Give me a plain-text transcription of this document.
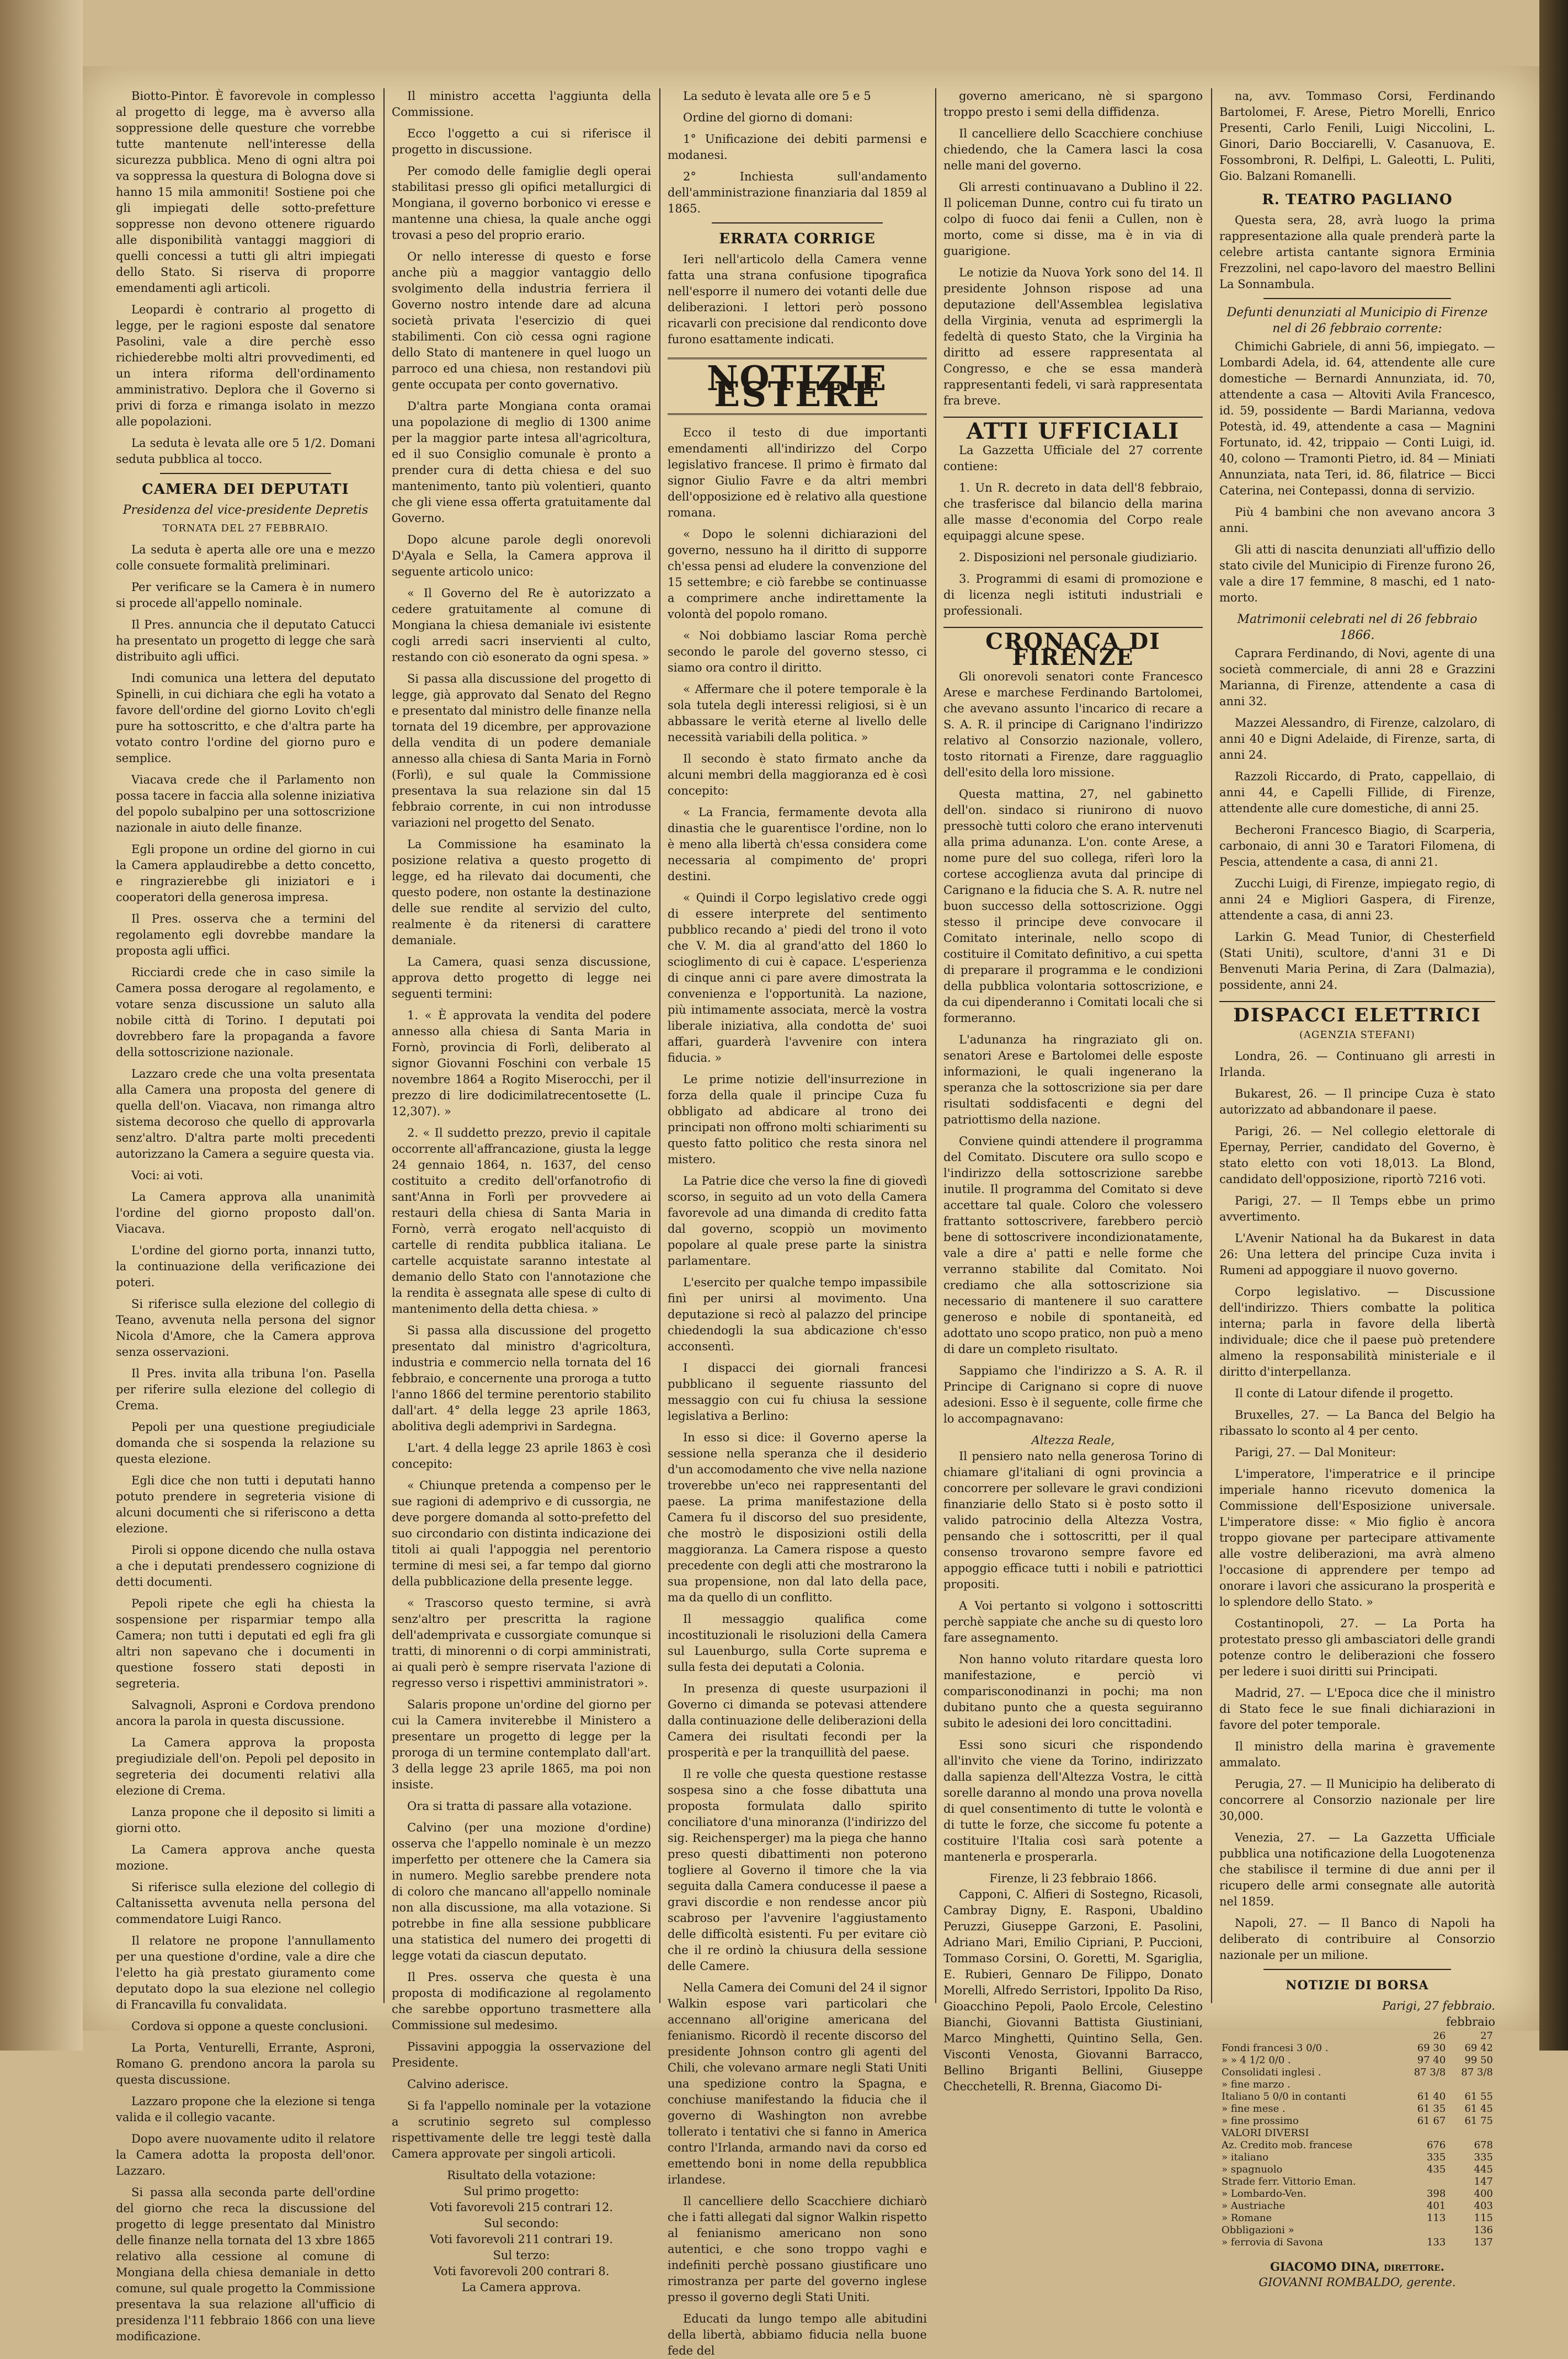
Biotto-Pintor. È favorevole in complesso al progetto di legge, ma è avverso alla soppressione delle questure che vorrebbe tutte mantenute nell'interesse della sicurezza pubblica. Meno di ogni altra poi va soppressa la questura di Bologna dove si hanno 15 mila ammoniti! Sostiene poi che gli impiegati delle sotto-prefetture soppresse non devono ottenere riguardo alle disponibilità vantaggi maggiori di quelli concessi a tutti gli altri impiegati dello Stato. Si riserva di proporre emendamenti agli articoli.

Leopardi è contrario al progetto di legge, per le ragioni esposte dal senatore Pasolini, vale a dire perchè esso richiederebbe molti altri provvedimenti, ed un intera riforma dell'ordinamento amministrativo. Deplora che il Governo si privi di forza e rimanga isolato in mezzo alle popolazioni.

La seduta è levata alle ore 5 1/2. Domani seduta pubblica al tocco.

CAMERA DEI DEPUTATI
Presidenza del vice-presidente Depretis
TORNATA DEL 27 FEBBRAIO.

La seduta è aperta alle ore una e mezzo colle consuete formalità preliminari.

Per verificare se la Camera è in numero si procede all'appello nominale.

Il Pres. annuncia che il deputato Catucci ha presentato un progetto di legge che sarà distribuito agli uffici.

Indi comunica una lettera del deputato Spinelli, in cui dichiara che egli ha votato a favore dell'ordine del giorno Lovito ch'egli pure ha sottoscritto, e che d'altra parte ha votato contro l'ordine del giorno puro e semplice.

Viacava crede che il Parlamento non possa tacere in faccia alla solenne iniziativa del popolo subalpino per una sottoscrizione nazionale in aiuto delle finanze.

Egli propone un ordine del giorno in cui la Camera applaudirebbe a detto concetto, e ringrazierebbe gli iniziatori e i cooperatori della generosa impresa.

Il Pres. osserva che a termini del regolamento egli dovrebbe mandare la proposta agli uffici.

Ricciardi crede che in caso simile la Camera possa derogare al regolamento, e votare senza discussione un saluto alla nobile città di Torino. I deputati poi dovrebbero fare la propaganda a favore della sottoscrizione nazionale.

Lazzaro crede che una volta presentata alla Camera una proposta del genere di quella dell'on. Viacava, non rimanga altro sistema decoroso che quello di approvarla senz'altro. D'altra parte molti precedenti autorizzano la Camera a seguire questa via.

Voci: ai voti.

La Camera approva alla unanimità l'ordine del giorno proposto dall'on. Viacava.

L'ordine del giorno porta, innanzi tutto, la continuazione della verificazione dei poteri.

Si riferisce sulla elezione del collegio di Teano, avvenuta nella persona del signor Nicola d'Amore, che la Camera approva senza osservazioni.

Il Pres. invita alla tribuna l'on. Pasella per riferire sulla elezione del collegio di Crema.

Pepoli per una questione pregiudiciale domanda che si sospenda la relazione su questa elezione.

Egli dice che non tutti i deputati hanno potuto prendere in segreteria visione di alcuni documenti che si riferiscono a detta elezione.

Piroli si oppone dicendo che nulla ostava a che i deputati prendessero cognizione di detti documenti.

Pepoli ripete che egli ha chiesta la sospensione per risparmiar tempo alla Camera; non tutti i deputati ed egli fra gli altri non sapevano che i documenti in questione fossero stati deposti in segreteria.

Salvagnoli, Asproni e Cordova prendono ancora la parola in questa discussione.

La Camera approva la proposta pregiudiziale dell'on. Pepoli pel deposito in segreteria dei documenti relativi alla elezione di Crema.

Lanza propone che il deposito si limiti a giorni otto.

La Camera approva anche questa mozione.

Si riferisce sulla elezione del collegio di Caltanissetta avvenuta nella persona del commendatore Luigi Ranco.

Il relatore ne propone l'annullamento per una questione d'ordine, vale a dire che l'eletto ha già prestato giuramento come deputato dopo la sua elezione nel collegio di Francavilla fu convalidata.

Cordova si oppone a queste conclusioni.

La Porta, Venturelli, Errante, Asproni, Romano G. prendono ancora la parola su questa discussione.

Lazzaro propone che la elezione si tenga valida e il collegio vacante.

Dopo avere nuovamente udito il relatore la Camera adotta la proposta dell'onor. Lazzaro.

Si passa alla seconda parte dell'ordine del giorno che reca la discussione del progetto di legge presentato dal Ministro delle finanze nella tornata del 13 xbre 1865 relativo alla cessione al comune di Mongiana della chiesa demaniale in detto comune, sul quale progetto la Commissione presentava la sua relazione all'ufficio di presidenza l'11 febbraio 1866 con una lieve modificazione.

Il ministro accetta l'aggiunta della Commissione.

Ecco l'oggetto a cui si riferisce il progetto in discussione.

Per comodo delle famiglie degli operai stabilitasi presso gli opifici metallurgici di Mongiana, il governo borbonico vi eresse e mantenne una chiesa, la quale anche oggi trovasi a peso del proprio erario.

Or nello interesse di questo e forse anche più a maggior vantaggio dello svolgimento della industria ferriera il Governo nostro intende dare ad alcuna società privata l'esercizio di quei stabilimenti. Con ciò cessa ogni ragione dello Stato di mantenere in quel luogo un parroco ed una chiesa, non restandovi più gente occupata per conto governativo.

D'altra parte Mongiana conta oramai una popolazione di meglio di 1300 anime per la maggior parte intesa all'agricoltura, ed il suo Consiglio comunale è pronto a prender cura di detta chiesa e del suo mantenimento, tanto più volentieri, quanto che gli viene essa offerta gratuitamente dal Governo.

Dopo alcune parole degli onorevoli D'Ayala e Sella, la Camera approva il seguente articolo unico:

« Il Governo del Re è autorizzato a cedere gratuitamente al comune di Mongiana la chiesa demaniale ivi esistente cogli arredi sacri inservienti al culto, restando con ciò esonerato da ogni spesa. »

Si passa alla discussione del progetto di legge, già approvato dal Senato del Regno e presentato dal ministro delle finanze nella tornata del 19 dicembre, per approvazione della vendita di un podere demaniale annesso alla chiesa di Santa Maria in Fornò (Forlì), e sul quale la Commissione presentava la sua relazione sin dal 15 febbraio corrente, in cui non introdusse variazioni nel progetto del Senato.

La Commissione ha esaminato la posizione relativa a questo progetto di legge, ed ha rilevato dai documenti, che questo podere, non ostante la destinazione delle sue rendite al servizio del culto, realmente è da ritenersi di carattere demaniale.

La Camera, quasi senza discussione, approva detto progetto di legge nei seguenti termini:

1. « È approvata la vendita del podere annesso alla chiesa di Santa Maria in Fornò, provincia di Forlì, deliberato al signor Giovanni Foschini con verbale 15 novembre 1864 a Rogito Miserocchi, per il prezzo di lire dodicimilatrecentosette (L. 12,307). »

2. « Il suddetto prezzo, previo il capitale occorrente all'affrancazione, giusta la legge 24 gennaio 1864, n. 1637, del censo costituito a credito dell'orfanotrofio di sant'Anna in Forlì per provvedere ai restauri della chiesa di Santa Maria in Fornò, verrà erogato nell'acquisto di cartelle di rendita pubblica italiana. Le cartelle acquistate saranno intestate al demanio dello Stato con l'annotazione che la rendita è assegnata alle spese di culto di mantenimento della detta chiesa. »

Si passa alla discussione del progetto presentato dal ministro d'agricoltura, industria e commercio nella tornata del 16 febbraio, e concernente una proroga a tutto l'anno 1866 del termine perentorio stabilito dall'art. 4° della legge 23 aprile 1863, abolitiva degli ademprivi in Sardegna.

L'art. 4 della legge 23 aprile 1863 è così concepito:

« Chiunque pretenda a compenso per le sue ragioni di ademprivo e di cussorgia, ne deve porgere domanda al sotto-prefetto del suo circondario con distinta indicazione dei titoli ai quali l'appoggia nel perentorio termine di mesi sei, a far tempo dal giorno della pubblicazione della presente legge.

« Trascorso questo termine, si avrà senz'altro per prescritta la ragione dell'ademprivata e cussorgiate comunque si tratti, di minorenni o di corpi amministrati, ai quali però è sempre riservata l'azione di regresso verso i rispettivi amministratori ».

Salaris propone un'ordine del giorno per cui la Camera inviterebbe il Ministero a presentare un progetto di legge per la proroga di un termine contemplato dall'art. 3 della legge 23 aprile 1865, ma poi non insiste.

Ora si tratta di passare alla votazione.

Calvino (per una mozione d'ordine) osserva che l'appello nominale è un mezzo imperfetto per ottenere che la Camera sia in numero. Meglio sarebbe prendere nota di coloro che mancano all'appello nominale non alla discussione, ma alla votazione. Si potrebbe in fine alla sessione pubblicare una statistica del numero dei progetti di legge votati da ciascun deputato.

Il Pres. osserva che questa è una proposta di modificazione al regolamento che sarebbe opportuno trasmettere alla Commissione sul medesimo.

Pissavini appoggia la osservazione del Presidente.

Calvino aderisce.

Si fa l'appello nominale per la votazione a scrutinio segreto sul complesso rispettivamente delle tre leggi testè dalla Camera approvate per singoli articoli.

Risultato della votazione:
Sul primo progetto:
Voti favorevoli 215 contrari 12.
Sul secondo:
Voti favorevoli 211 contrari 19.
Sul terzo:
Voti favorevoli 200 contrari 8.
La Camera approva.

La seduto è levata alle ore 5 e 5

Ordine del giorno di domani:

1° Unificazione dei debiti parmensi e modanesi.

2° Inchiesta sull'andamento dell'amministrazione finanziaria dal 1859 al 1865.

ERRATA CORRIGE

Ieri nell'articolo della Camera venne fatta una strana confusione tipografica nell'esporre il numero dei votanti delle due deliberazioni. I lettori però possono ricavarli con precisione dal rendiconto dove furono esattamente indicati.

NOTIZIE ESTERE

Ecco il testo di due importanti emendamenti all'indirizzo del Corpo legislativo francese. Il primo è firmato dal signor Giulio Favre e da altri membri dell'opposizione ed è relativo alla questione romana.

« Dopo le solenni dichiarazioni del governo, nessuno ha il diritto di supporre ch'essa pensi ad eludere la convenzione del 15 settembre; e ciò farebbe se continuasse a comprimere anche indirettamente la volontà del popolo romano.

« Noi dobbiamo lasciar Roma perchè secondo le parole del governo stesso, ci siamo ora contro il diritto.

« Affermare che il potere temporale è la sola tutela degli interessi religiosi, si è un abbassare le verità eterne al livello delle necessità variabili della politica. »

Il secondo è stato firmato anche da alcuni membri della maggioranza ed è così concepito:

« La Francia, fermamente devota alla dinastia che le guarentisce l'ordine, non lo è meno alla libertà ch'essa considera come necessaria al compimento de' propri destini.

« Quindi il Corpo legislativo crede oggi di essere interprete del sentimento pubblico recando a' piedi del trono il voto che V. M. dia al grand'atto del 1860 lo scioglimento di cui è capace. L'esperienza di cinque anni ci pare avere dimostrata la convenienza e l'opportunità. La nazione, più intimamente associata, mercè la vostra liberale iniziativa, alla condotta de' suoi affari, guarderà l'avvenire con intera fiducia. »

Le prime notizie dell'insurrezione in forza della quale il principe Cuza fu obbligato ad abdicare al trono dei principati non offrono molti schiarimenti su questo fatto politico che resta sinora nel mistero.

La Patrie dice che verso la fine di giovedì scorso, in seguito ad un voto della Camera favorevole ad una dimanda di credito fatta dal governo, scoppiò un movimento popolare al quale prese parte la sinistra parlamentare.

L'esercito per qualche tempo impassibile finì per unirsi al movimento. Una deputazione si recò al palazzo del principe chiedendogli la sua abdicazione ch'esso acconsentì.

I dispacci dei giornali francesi pubblicano il seguente riassunto del messaggio con cui fu chiusa la sessione legislativa a Berlino:

In esso si dice: il Governo aperse la sessione nella speranza che il desiderio d'un accomodamento che vive nella nazione troverebbe un'eco nei rappresentanti del paese. La prima manifestazione della Camera fu il discorso del suo presidente, che mostrò le disposizioni ostili della maggioranza. La Camera rispose a questo precedente con degli atti che mostrarono la sua propensione, non dal lato della pace, ma da quello di un conflitto.

Il messaggio qualifica come incostituzionali le risoluzioni della Camera sul Lauenburgo, sulla Corte suprema e sulla festa dei deputati a Colonia.

In presenza di queste usurpazioni il Governo ci dimanda se potevasi attendere dalla continuazione delle deliberazioni della Camera dei risultati fecondi per la prosperità e per la tranquillità del paese.

Il re volle che questa questione restasse sospesa sino a che fosse dibattuta una proposta formulata dallo spirito conciliatore d'una minoranza (l'indirizzo del sig. Reichensperger) ma la piega che hanno preso questi dibattimenti non poterono togliere al Governo il timore che la via seguita dalla Camera conducesse il paese a gravi discordie e non rendesse ancor più scabroso per l'avvenire l'aggiustamento delle difficoltà esistenti. Fu per evitare ciò che il re ordinò la chiusura della sessione delle Camere.

Nella Camera dei Comuni del 24 il signor Walkin espose vari particolari che accennano all'origine americana del fenianismo. Ricordò il recente discorso del presidente Johnson contro gli agenti del Chili, che volevano armare negli Stati Uniti una spedizione contro la Spagna, e conchiuse manifestando la fiducia che il governo di Washington non avrebbe tollerato i tentativi che si fanno in America contro l'Irlanda, armando navi da corso ed emettendo boni in nome della repubblica irlandese.

Il cancelliere dello Scacchiere dichiarò che i fatti allegati dal signor Walkin rispetto al fenianismo americano non sono autentici, e che sono troppo vaghi e indefiniti perchè possano giustificare uno rimostranza per parte del governo inglese presso il governo degli Stati Uniti.

Educati da lungo tempo alle abitudini della libertà, abbiamo fiducia nella buone fede del

governo americano, nè si spargono troppo presto i semi della diffidenza.

Il cancelliere dello Scacchiere conchiuse chiedendo, che la Camera lasci la cosa nelle mani del governo.

Gli arresti continuavano a Dublino il 22. Il policeman Dunne, contro cui fu tirato un colpo di fuoco dai fenii a Cullen, non è morto, come si disse, ma è in via di guarigione.

Le notizie da Nuova York sono del 14. Il presidente Johnson rispose ad una deputazione dell'Assemblea legislativa della Virginia, venuta ad esprimergli la fedeltà di questo Stato, che la Virginia ha diritto ad essere rappresentata al Congresso, e che se essa manderà rappresentanti fedeli, vi sarà rappresentata fra breve.

ATTI UFFICIALI

La Gazzetta Ufficiale del 27 corrente contiene:

1. Un R. decreto in data dell'8 febbraio, che trasferisce dal bilancio della marina alle masse d'economia del Corpo reale equipaggi alcune spese.

2. Disposizioni nel personale giudiziario.

3. Programmi di esami di promozione e di licenza negli istituti industriali e professionali.

CRONACA DI FIRENZE

Gli onorevoli senatori conte Francesco Arese e marchese Ferdinando Bartolomei, che avevano assunto l'incarico di recare a S. A. R. il principe di Carignano l'indirizzo relativo al Consorzio nazionale, vollero, tosto ritornati a Firenze, dare ragguaglio dell'esito della loro missione.

Questa mattina, 27, nel gabinetto dell'on. sindaco si riunirono di nuovo pressochè tutti coloro che erano intervenuti alla prima adunanza. L'on. conte Arese, a nome pure del suo collega, riferì loro la cortese accoglienza avuta dal principe di Carignano e la fiducia che S. A. R. nutre nel buon successo della sottoscrizione. Oggi stesso il principe deve convocare il Comitato interinale, nello scopo di costituire il Comitato definitivo, a cui spetta di preparare il programma e le condizioni della pubblica volontaria sottoscrizione, e da cui dipenderanno i Comitati locali che si formeranno.

L'adunanza ha ringraziato gli on. senatori Arese e Bartolomei delle esposte informazioni, le quali ingenerano la speranza che la sottoscrizione sia per dare risultati soddisfacenti e degni del patriottismo della nazione.

Conviene quindi attendere il programma del Comitato. Discutere ora sullo scopo e l'indirizzo della sottoscrizione sarebbe inutile. Il programma del Comitato si deve accettare tal quale. Coloro che volessero frattanto sottoscrivere, farebbero perciò bene di sottoscrivere incondizionatamente, vale a dire a' patti e nelle forme che verranno stabilite dal Comitato. Noi crediamo che alla sottoscrizione sia necessario di mantenere il suo carattere generoso e nobile di spontaneità, ed adottato uno scopo pratico, non può a meno di dare un completo risultato.

Sappiamo che l'indirizzo a S. A. R. il Principe di Carignano si copre di nuove adesioni. Esso è il seguente, colle firme che lo accompagnavano:

Altezza Reale,

Il pensiero nato nella generosa Torino di chiamare gl'italiani di ogni provincia a concorrere per sollevare le gravi condizioni finanziarie dello Stato si è posto sotto il valido patrocinio della Altezza Vostra, pensando che i sottoscritti, per il qual consenso trovarono sempre favore ed appoggio efficace tutti i nobili e patriottici propositi.

A Voi pertanto si volgono i sottoscritti perchè sappiate che anche su di questo loro fare assegnamento.

Non hanno voluto ritardare questa loro manifestazione, e perciò vi comparisconodinanzi in pochi; ma non dubitano punto che a questa seguiranno subito le adesioni dei loro concittadini.

Essi sono sicuri che rispondendo all'invito che viene da Torino, indirizzato dalla sapienza dell'Altezza Vostra, le città sorelle daranno al mondo una prova novella di quel consentimento di tutte le volontà e di tutte le forze, che siccome fu potente a costituire l'Italia così sarà potente a mantenerla e prosperarla.

Firenze, li 23 febbraio 1866.

Capponi, C. Alfieri di Sostegno, Ricasoli, Cambray Digny, E. Rasponi, Ubaldino Peruzzi, Giuseppe Garzoni, E. Pasolini, Adriano Mari, Emilio Cipriani, P. Puccioni, Tommaso Corsini, O. Goretti, M. Sgariglia, E. Rubieri, Gennaro De Filippo, Donato Morelli, Alfredo Serristori, Ippolito Da Riso, Gioacchino Pepoli, Paolo Ercole, Celestino Bianchi, Giovanni Battista Giustiniani, Marco Minghetti, Quintino Sella, Gen. Visconti Venosta, Giovanni Barracco, Bellino Briganti Bellini, Giuseppe Checchetelli, R. Brenna, Giacomo Di-

na, avv. Tommaso Corsi, Ferdinando Bartolomei, F. Arese, Pietro Morelli, Enrico Presenti, Carlo Fenili, Luigi Niccolini, L. Ginori, Dario Bocciarelli, V. Casanuova, E. Fossombroni, R. Delfipi, L. Galeotti, L. Puliti, Gio. Balzani Romanelli.

R. TEATRO PAGLIANO

Questa sera, 28, avrà luogo la prima rappresentazione alla quale prenderà parte la celebre artista cantante signora Erminia Frezzolini, nel capo-lavoro del maestro Bellini La Sonnambula.

Defunti denunziati al Municipio di Firenze nel di 26 febbraio corrente:

Chimichi Gabriele, di anni 56, impiegato. — Lombardi Adela, id. 64, attendente alle cure domestiche — Bernardi Annunziata, id. 70, attendente a casa — Altoviti Avila Francesco, id. 59, possidente — Bardi Marianna, vedova Potestà, id. 49, attendente a casa — Magnini Fortunato, id. 42, trippaio — Conti Luigi, id. 40, colono — Tramonti Pietro, id. 84 — Miniati Annunziata, nata Teri, id. 86, filatrice — Bicci Caterina, nei Contepassi, donna di servizio.

Più 4 bambini che non avevano ancora 3 anni.

Gli atti di nascita denunziati all'uffizio dello stato civile del Municipio di Firenze furono 26, vale a dire 17 femmine, 8 maschi, ed 1 nato-morto.

Matrimonii celebrati nel di 26 febbraio 1866.

Caprara Ferdinando, di Novi, agente di una società commerciale, di anni 28 e Grazzini Marianna, di Firenze, attendente a casa di anni 32.

Mazzei Alessandro, di Firenze, calzolaro, di anni 40 e Digni Adelaide, di Firenze, sarta, di anni 24.

Razzoli Riccardo, di Prato, cappellaio, di anni 44, e Capelli Fillide, di Firenze, attendente alle cure domestiche, di anni 25.

Becheroni Francesco Biagio, di Scarperia, carbonaio, di anni 30 e Taratori Filomena, di Pescia, attendente a casa, di anni 21.

Zucchi Luigi, di Firenze, impiegato regio, di anni 24 e Migliori Gaspera, di Firenze, attendente a casa, di anni 23.

Larkin G. Mead Tunior, di Chesterfield (Stati Uniti), scultore, d'anni 31 e Di Benvenuti Maria Perina, di Zara (Dalmazia), possidente, anni 24.

DISPACCI ELETTRICI
(AGENZIA STEFANI)

Londra, 26. — Continuano gli arresti in Irlanda.

Bukarest, 26. — Il principe Cuza è stato autorizzato ad abbandonare il paese.

Parigi, 26. — Nel collegio elettorale di Epernay, Perrier, candidato del Governo, è stato eletto con voti 18,013. La Blond, candidato dell'opposizione, riportò 7216 voti.

Parigi, 27. — Il Temps ebbe un primo avvertimento.

L'Avenir National ha da Bukarest in data 26: Una lettera del principe Cuza invita i Rumeni ad appoggiare il nuovo governo.

Corpo legislativo. — Discussione dell'indirizzo. Thiers combatte la politica interna; parla in favore della libertà individuale; dice che il paese può pretendere almeno la responsabilità ministeriale e il diritto d'interpellanza.

Il conte di Latour difende il progetto.

Bruxelles, 27. — La Banca del Belgio ha ribassato lo sconto al 4 per cento.

Parigi, 27. — Dal Moniteur:

L'imperatore, l'imperatrice e il principe imperiale hanno ricevuto domenica la Commissione dell'Esposizione universale. L'imperatore disse: « Mio figlio è ancora troppo giovane per partecipare attivamente alle vostre deliberazioni, ma avrà almeno l'occasione di apprendere per tempo ad onorare i lavori che assicurano la prosperità e lo splendore dello Stato. »

Costantinopoli, 27. — La Porta ha protestato presso gli ambasciatori delle grandi potenze contro le deliberazioni che fossero per ledere i suoi diritti sui Principati.

Madrid, 27. — L'Epoca dice che il ministro di Stato fece le sue finali dichiarazioni in favore del poter temporale.

Il ministro della marina è gravemente ammalato.

Perugia, 27. — Il Municipio ha deliberato di concorrere al Consorzio nazionale per lire 30,000.

Venezia, 27. — La Gazzetta Ufficiale pubblica una notificazione della Luogotenenza che stabilisce il termine di due anni per il ricupero delle armi consegnate alle autorità nel 1859.

Napoli, 27. — Il Banco di Napoli ha deliberato di contribuire al Consorzio nazionale per un milione.

NOTIZIE DI BORSA
Parigi, 27 febbraio.
febbraio
	26	27
Fondi francesi 3 0/0 .	69 30	69 42
» » 4 1/2 0/0 .	97 40	99 50
Consolidati inglesi .	87 3/8	87 3/8
» fine marzo .		
Italiano 5 0/0 in contanti	61 40	61 55
» fine mese .	61 35	61 45
» fine prossimo	61 67	61 75
VALORI DIVERSI		
Az. Credito mob. francese	676	678
» italiano	335	335
» spagnuolo	435	445
Strade ferr. Vittorio Eman.		147
» Lombardo-Ven.	398	400
» Austriache	401	403
» Romane	113	115
Obbligazioni »		136
» ferrovia di Savona	133	137
GIACOMO DINA, direttore.
GIOVANNI ROMBALDO, gerente.
